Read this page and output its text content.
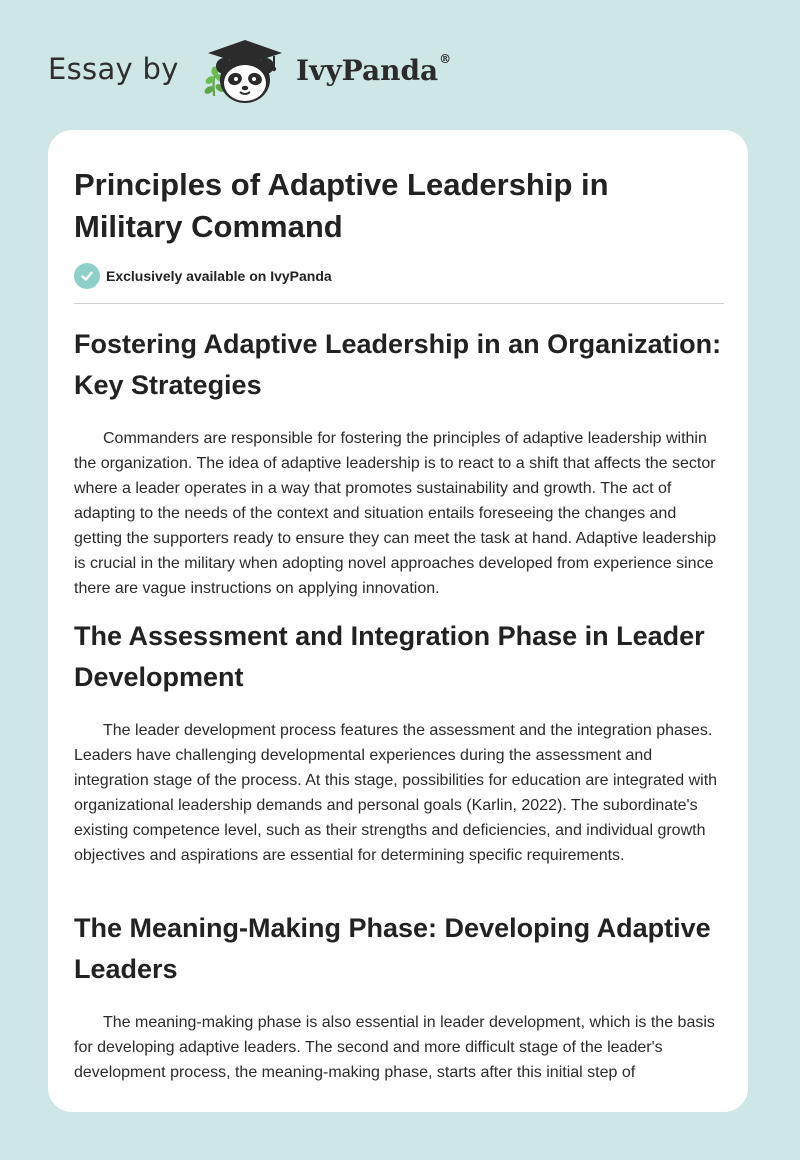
Essay by	IvyPanda®
Principles of Adaptive Leadership in Military Command
Exclusively available on IvyPanda
Fostering Adaptive Leadership in an Organization: Key Strategies

Commanders are responsible for fostering the principles of adaptive leadership within the organization. The idea of adaptive leadership is to react to a shift that affects the sector where a leader operates in a way that promotes sustainability and growth. The act of adapting to the needs of the context and situation entails foreseeing the changes and getting the supporters ready to ensure they can meet the task at hand. Adaptive leadership is crucial in the military when adopting novel approaches developed from experience since there are vague instructions on applying innovation.

The Assessment and Integration Phase in Leader Development

The leader development process features the assessment and the integration phases. Leaders have challenging developmental experiences during the assessment and integration stage of the process. At this stage, possibilities for education are integrated with organizational leadership demands and personal goals (Karlin, 2022). The subordinate's existing competence level, such as their strengths and deficiencies, and individual growth objectives and aspirations are essential for determining specific requirements.

The Meaning-Making Phase: Developing Adaptive Leaders

The meaning-making phase is also essential in leader development, which is the basis for developing adaptive leaders. The second and more difficult stage of the leader's development process, the meaning-making phase, starts after this initial step of
